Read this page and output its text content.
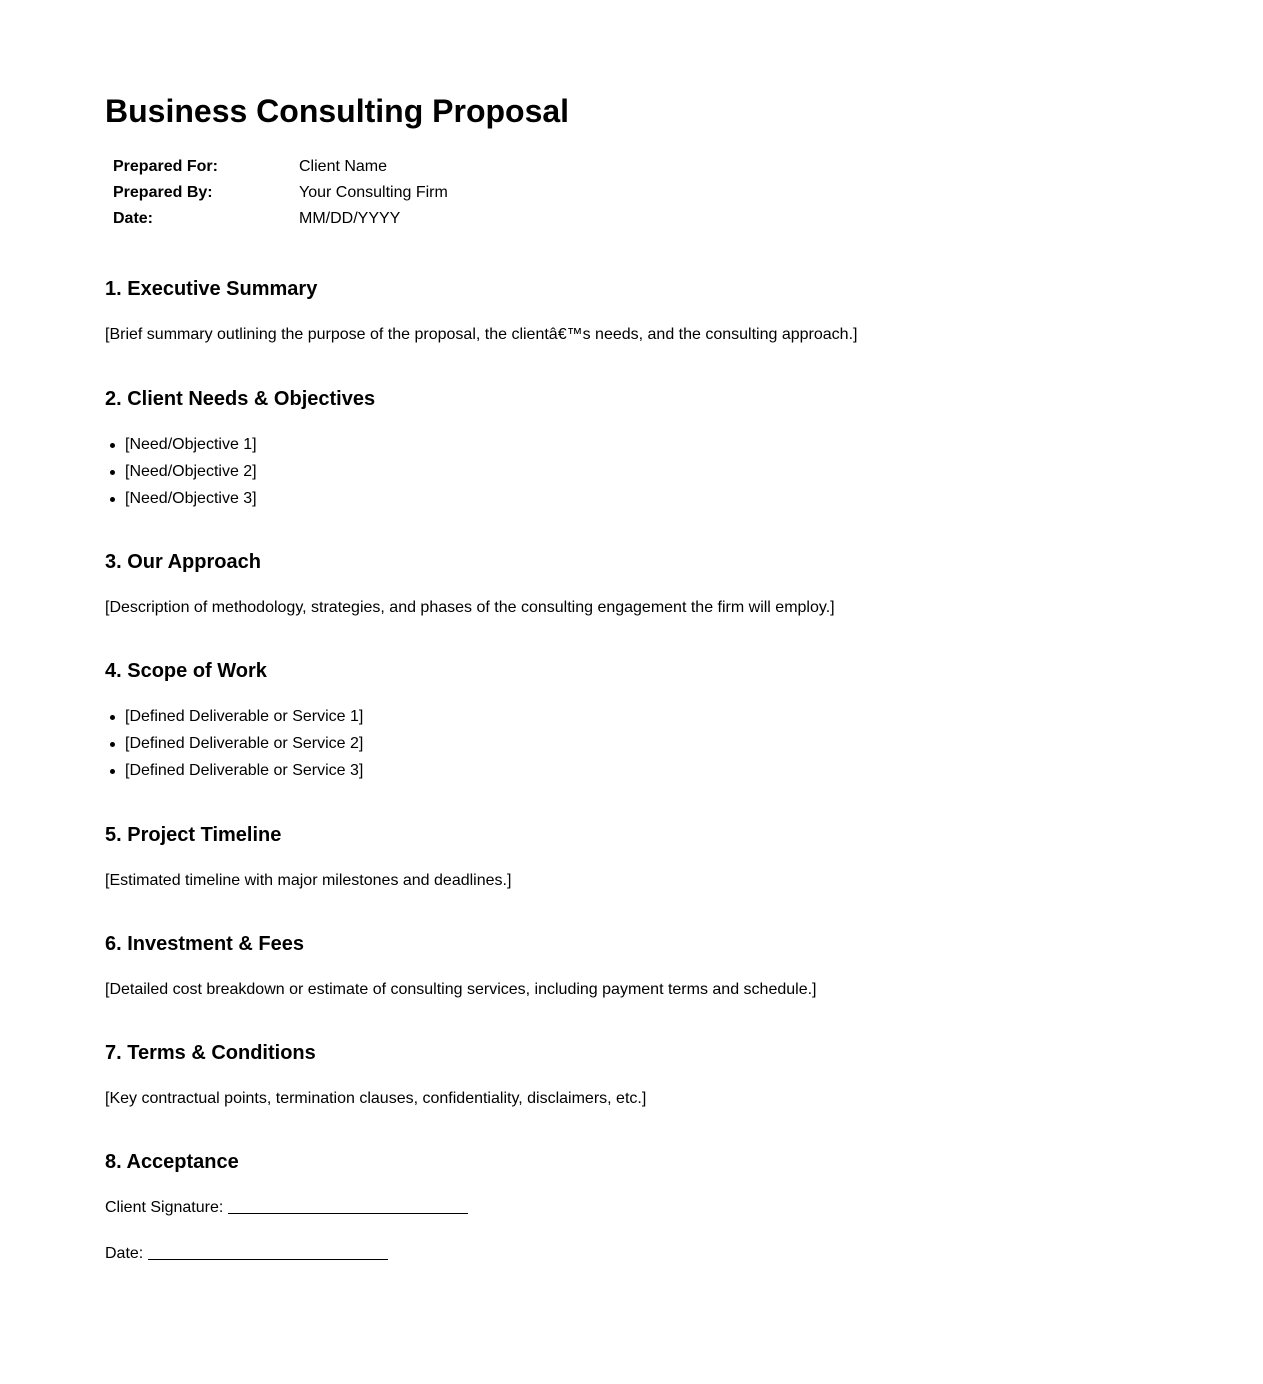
Business Consulting Proposal
Prepared For:	Client Name
Prepared By:	Your Consulting Firm
Date:	MM/DD/YYYY
1. Executive Summary

[Brief summary outlining the purpose of the proposal, the clientâ€™s needs, and the consulting approach.]

2. Client Needs & Objectives
[Need/Objective 1]
[Need/Objective 2]
[Need/Objective 3]
3. Our Approach

[Description of methodology, strategies, and phases of the consulting engagement the firm will employ.]

4. Scope of Work
[Defined Deliverable or Service 1]
[Defined Deliverable or Service 2]
[Defined Deliverable or Service 3]
5. Project Timeline

[Estimated timeline with major milestones and deadlines.]

6. Investment & Fees

[Detailed cost breakdown or estimate of consulting services, including payment terms and schedule.]

7. Terms & Conditions

[Key contractual points, termination clauses, confidentiality, disclaimers, etc.]

8. Acceptance

Client Signature:

Date:
